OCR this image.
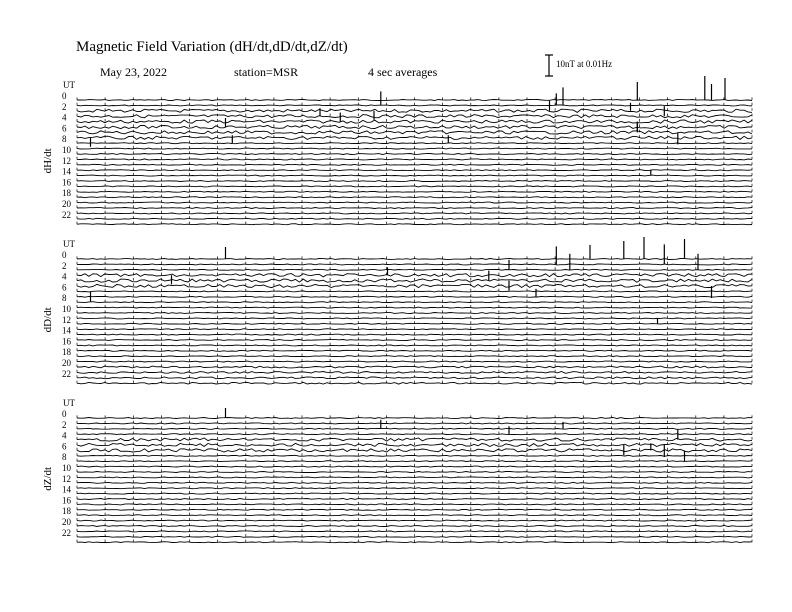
Magnetic Field Variation (dH/dt,dD/dt,dZ/dt)
May 23, 2022	station=MSR	4 sec averages
10nT at 0.01Hz
UT
dH/dt
0
2
4
6
8
10
12
14
16
18
20
22
UT
dD/dt
0
2
4
6
8
10
12
14
16
18
20
22
UT
dZ/dt
0
2
4
6
8
10
12
14
16
18
20
22
